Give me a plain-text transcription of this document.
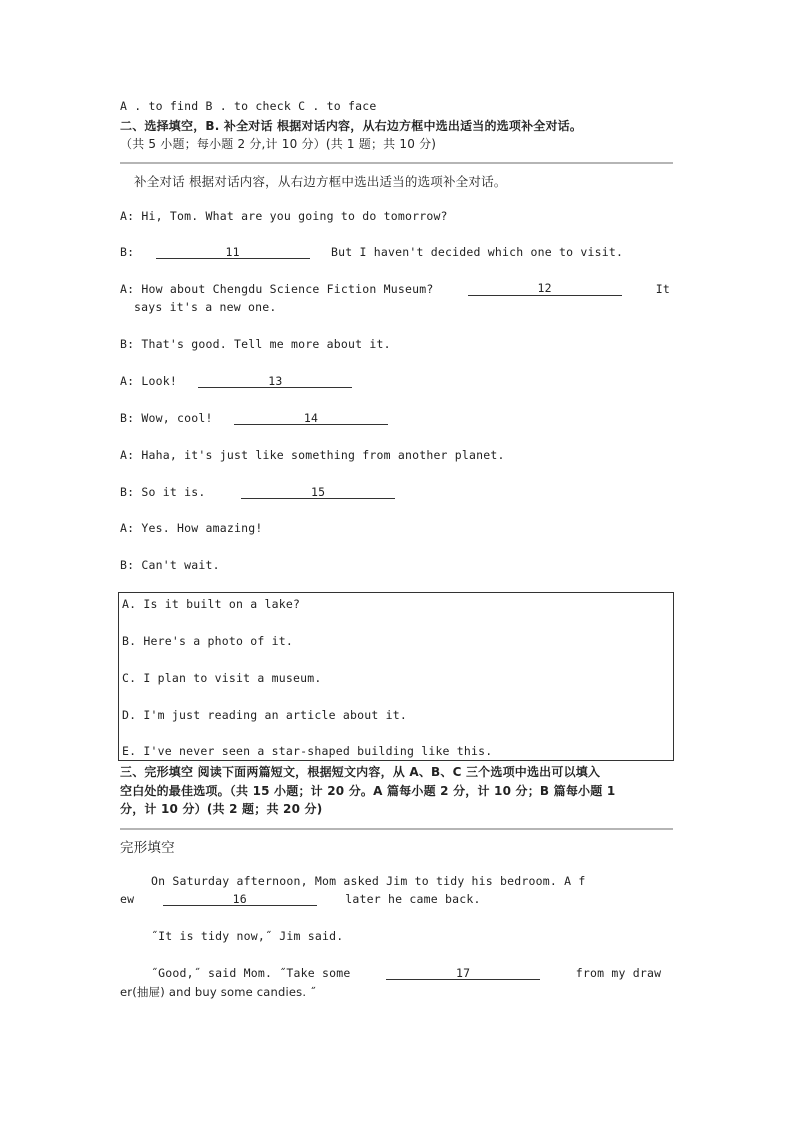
A . to find B . to check C . to face
二、选择填空，B. 补全对话 根据对话内容，从右边方框中选出适当的选项补全对话。
（共 5 小题；每小题 2 分,计 10 分）(共 1 题；共 10 分)
补全对话 根据对话内容，从右边方框中选出适当的选项补全对话。
A: Hi, Tom. What are you going to do tomorrow?
B:	11	But I haven't decided which one to visit.
A: How about Chengdu Science Fiction Museum?	12	It
says it's a new one.
B: That's good. Tell me more about it.
A: Look!	13
B: Wow, cool!	14
A: Haha, it's just like something from another planet.
B: So it is.	15
A: Yes. How amazing!
B: Can't wait.
A. Is it built on a lake?
B. Here's a photo of it.
C. I plan to visit a museum.
D. I'm just reading an article about it.
E. I've never seen a star-shaped building like this.
三、完形填空 阅读下面两篇短文，根据短文内容，从 A、B、C 三个选项中选出可以填入
空白处的最佳选项。（共 15 小题；计 20 分。A 篇每小题 2 分，计 10 分；B 篇每小题 1
分，计 10 分）(共 2 题；共 20 分)
完形填空
On Saturday afternoon, Mom asked Jim to tidy his bedroom. A f
ew	16	later he came back.
˝It is tidy now,˝ Jim said.
˝Good,˝ said Mom. ˝Take some	17	from my draw
er(抽屉) and buy some candies. ˝
